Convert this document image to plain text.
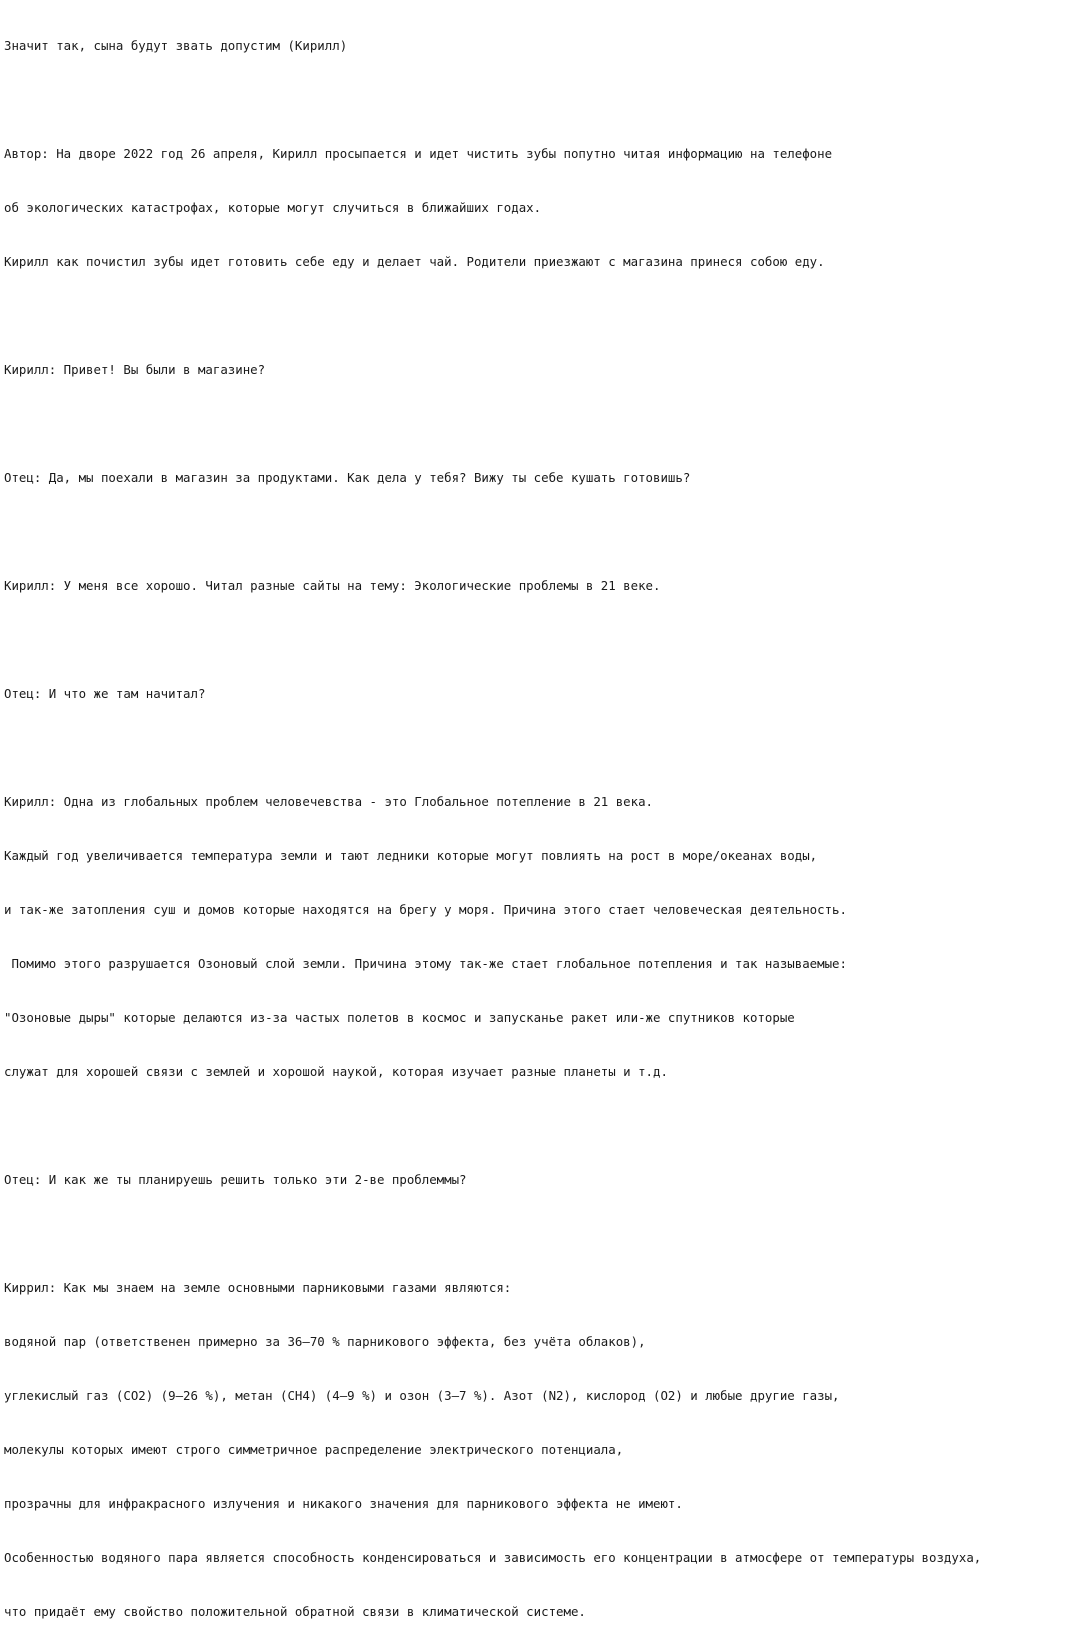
Значит так, сына будут звать допустим (Кирилл)

Автор: На дворе 2022 год 26 апреля, Кирилл просыпается и идет чистить зубы попутно читая информацию на телефоне

об экологических катастрофах, которые могут случиться в ближайших годах.

Кирилл как почистил зубы идет готовить себе еду и делает чай. Родители приезжают с магазина принеся собою еду.

Кирилл: Привет! Вы были в магазине?

Отец: Да, мы поехали в магазин за продуктами. Как дела у тебя? Вижу ты себе кушать готовишь?

Кирилл: У меня все хорошо. Читал разные сайты на тему: Экологические проблемы в 21 веке.

Отец: И что же там начитал?

Кирилл: Одна из глобальных проблем человечевства - это Глобальное потепление в 21 века.

Каждый год увеличивается температура земли и тают ледники которые могут повлиять на рост в море/океанах воды,

и так-же затопления суш и домов которые находятся на брегу у моря. Причина этого стает человеческая деятельность.

Помимо этого разрушается Озоновый слой земли. Причина этому так-же стает глобальное потепления и так называемые:

"Озоновые дыры" которые делаются из-за частых полетов в космос и запусканье ракет или-же спутников которые

служат для хорошей связи с землей и хорошой наукой, которая изучает разные планеты и т.д.

Отец: И как же ты планируешь решить только эти 2-ве проблеммы?

Киррил: Как мы знаем на земле основными парниковыми газами являются:

водяной пар (ответственен примерно за 36—70 % парникового эффекта, без учёта облаков),

углекислый газ (CO2) (9—26 %), метан (CH4) (4—9 %) и озон (3—7 %). Азот (N2), кислород (O2) и любые другие газы,

молекулы которых имеют строго симметричное распределение электрического потенциала,

прозрачны для инфракрасного излучения и никакого значения для парникового эффекта не имеют.

Особенностью водяного пара является способность конденсироваться и зависимость его концентрации в атмосфере от температуры воздуха,

что придаёт ему свойство положительной обратной связи в климатической системе.
